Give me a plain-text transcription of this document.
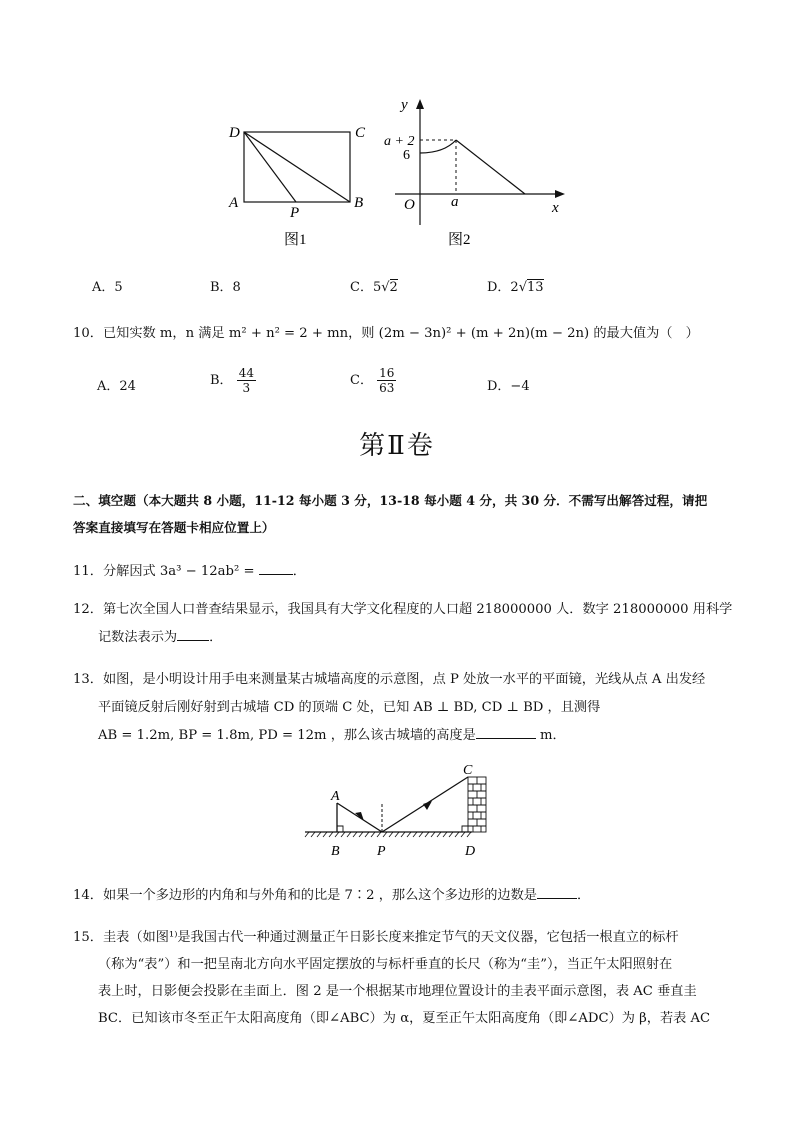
D	C
A
P
B
图1
y
a + 2
6
O a	x
图2
A．5	B．8	C．5√2	D．2√13
10．已知实数 m，n 满足 m² + n² = 2 + mn，则 (2m − 3n)² + (m + 2n)(m − 2n) 的最大值为（　）
A．24	B． $\frac{44}{3}$	C． $\frac{16}{63}$	D．−4
第Ⅱ卷
二、填空题（本大题共 8 小题，11-12 每小题 3 分，13-18 每小题 4 分，共 30 分．不需写出解答过程，请把
答案直接填写在答题卡相应位置上）
11．分解因式 3a³ − 12ab² =	．
12．第七次全国人口普查结果显示，我国具有大学文化程度的人口超 218000000 人．数字 218000000 用科学
记数法表示为 ．
13．如图，是小明设计用手电来测量某古城墙高度的示意图，点 P 处放一水平的平面镜，光线从点 A 出发经
平面镜反射后刚好射到古城墙 CD 的顶端 C 处，已知 AB ⊥ BD, CD ⊥ BD ，且测得
AB = 1.2m, BP = 1.8m, PD = 12m ，那么该古城墙的高度是	m．
A
B	P
C
D
14．如果一个多边形的内角和与外角和的比是 7∶2 ，那么这个多边形的边数是	．
15．圭表（如图¹⁾是我国古代一种通过测量正午日影长度来推定节气的天文仪器，它包括一根直立的标杆
（称为“表”）和一把呈南北方向水平固定摆放的与标杆垂直的长尺（称为“圭”），当正午太阳照射在
表上时，日影便会投影在圭面上．图 2 是一个根据某市地理位置设计的圭表平面示意图，表 AC 垂直圭
BC．已知该市冬至正午太阳高度角（即∠ABC）为 α，夏至正午太阳高度角（即∠ADC）为 β，若表 AC
